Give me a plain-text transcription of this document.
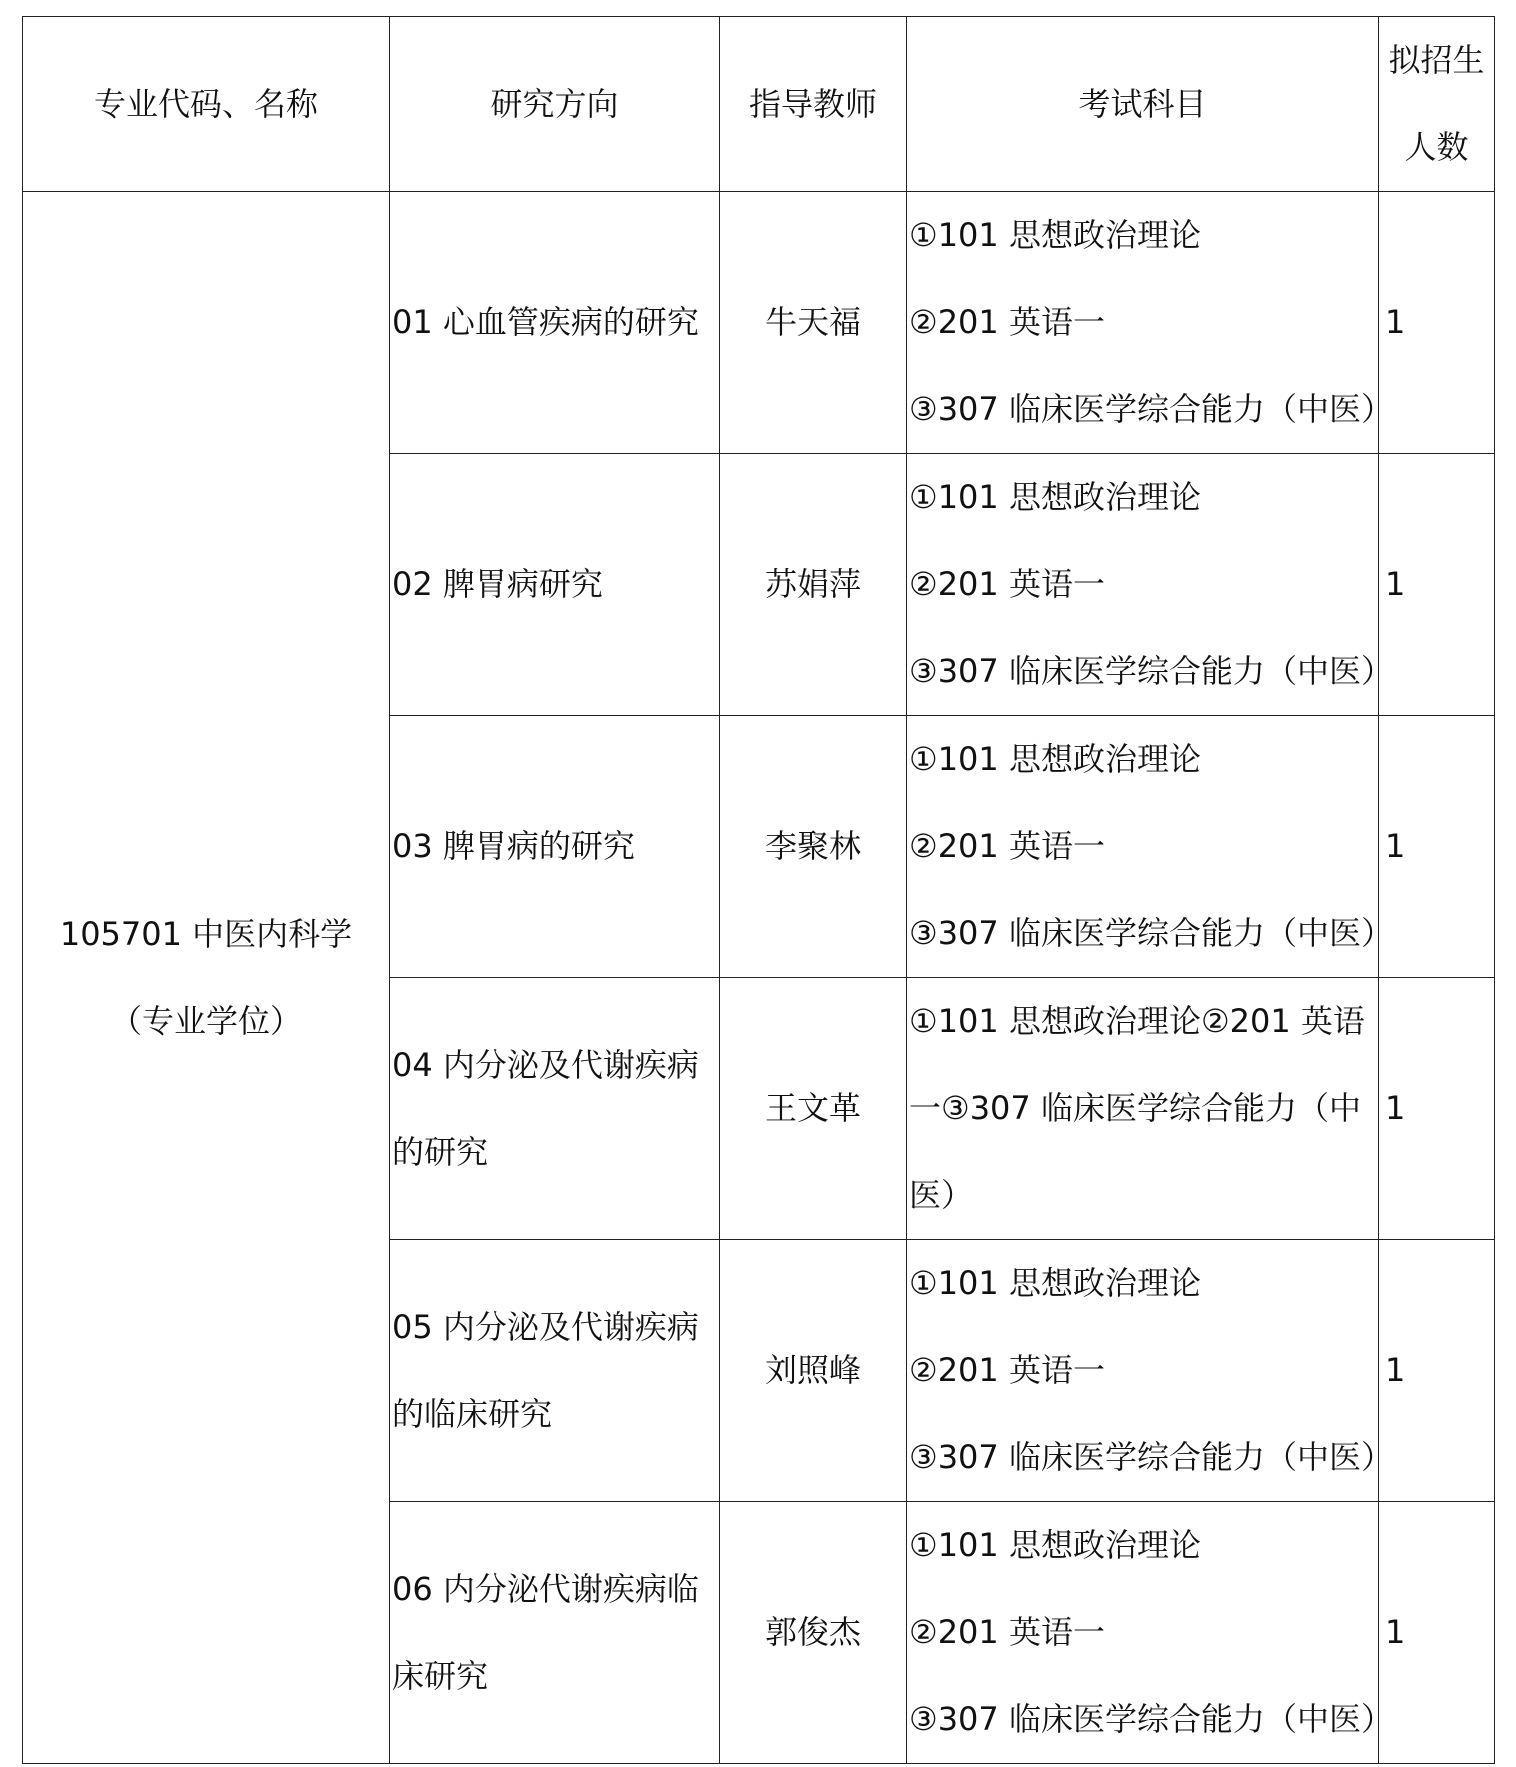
专业代码、名称	研究方向	指导教师	考试科目	拟招生
人数

105701 中医内科学
（专业学位）	01 心血管疾病的研究	牛天福	①101 思想政治理论
②201 英语一
③307 临床医学综合能力（中医）	1
	02 脾胃病研究	苏娟萍	①101 思想政治理论
②201 英语一
③307 临床医学综合能力（中医）	1
	03 脾胃病的研究	李聚林	①101 思想政治理论
②201 英语一
③307 临床医学综合能力（中医）	1
	04 内分泌及代谢疾病的研究	王文革	①101 思想政治理论②201 英语一③307 临床医学综合能力（中医）	1
	05 内分泌及代谢疾病的临床研究	刘照峰	①101 思想政治理论
②201 英语一
③307 临床医学综合能力（中医）	1
	06 内分泌代谢疾病临床研究	郭俊杰	①101 思想政治理论
②201 英语一
③307 临床医学综合能力（中医）	1
